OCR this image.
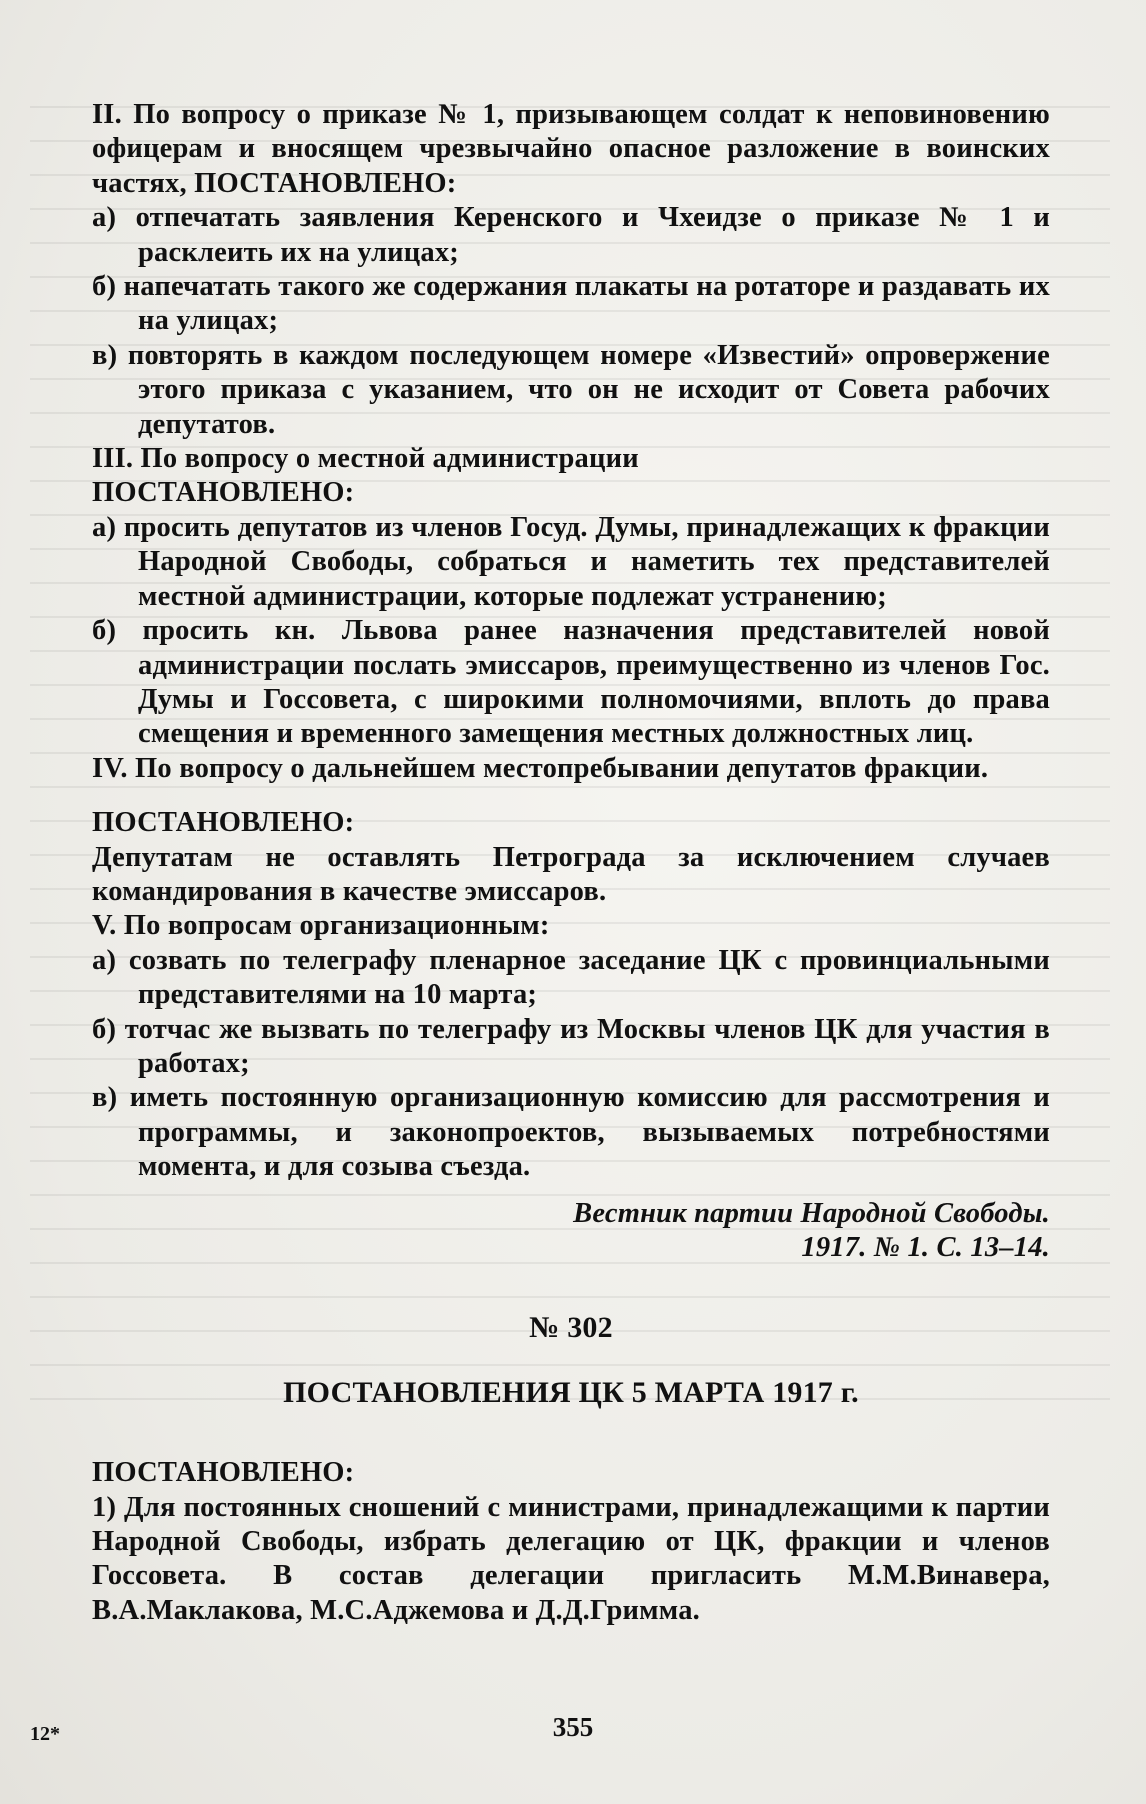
II. По вопросу о приказе № 1, призывающем солдат к неповиновению офицерам и вносящем чрезвычайно опасное разложение в воинских частях, ПОСТАНОВЛЕНО:

а) отпечатать заявления Керенского и Чхеидзе о приказе № 1 и расклеить их на улицах;

б) напечатать такого же содержания плакаты на ротаторе и раздавать их на улицах;

в) повторять в каждом последующем номере «Известий» опровержение этого приказа с указанием, что он не исходит от Совета рабочих депутатов.

III. По вопросу о местной администрации

ПОСТАНОВЛЕНО:

а) просить депутатов из членов Госуд. Думы, принадлежащих к фракции Народной Свободы, собраться и наметить тех представителей местной администрации, которые подлежат устранению;

б) просить кн. Львова ранее назначения представителей новой администрации послать эмиссаров, преимущественно из членов Гос. Думы и Госсовета, с широкими полномочиями, вплоть до права смещения и временного замещения местных должностных лиц.

IV. По вопросу о дальнейшем местопребывании депутатов фракции.

ПОСТАНОВЛЕНО:

Депутатам не оставлять Петрограда за исключением случаев командирования в качестве эмиссаров.

V. По вопросам организационным:

а) созвать по телеграфу пленарное заседание ЦК с провинциальными представителями на 10 марта;

б) тотчас же вызвать по телеграфу из Москвы членов ЦК для участия в работах;

в) иметь постоянную организационную комиссию для рассмотрения и программы, и законопроектов, вызываемых потребностями момента, и для созыва съезда.

Вестник партии Народной Свободы.

1917. № 1. С. 13–14.

№ 302

ПОСТАНОВЛЕНИЯ ЦК 5 МАРТА 1917 г.

ПОСТАНОВЛЕНО:

1) Для постоянных сношений с министрами, принадлежащими к партии Народной Свободы, избрать делегацию от ЦК, фракции и членов Госсовета. В состав делегации пригласить М.М.Винавера, В.А.Маклакова, М.С.Аджемова и Д.Д.Гримма.

12*	355
